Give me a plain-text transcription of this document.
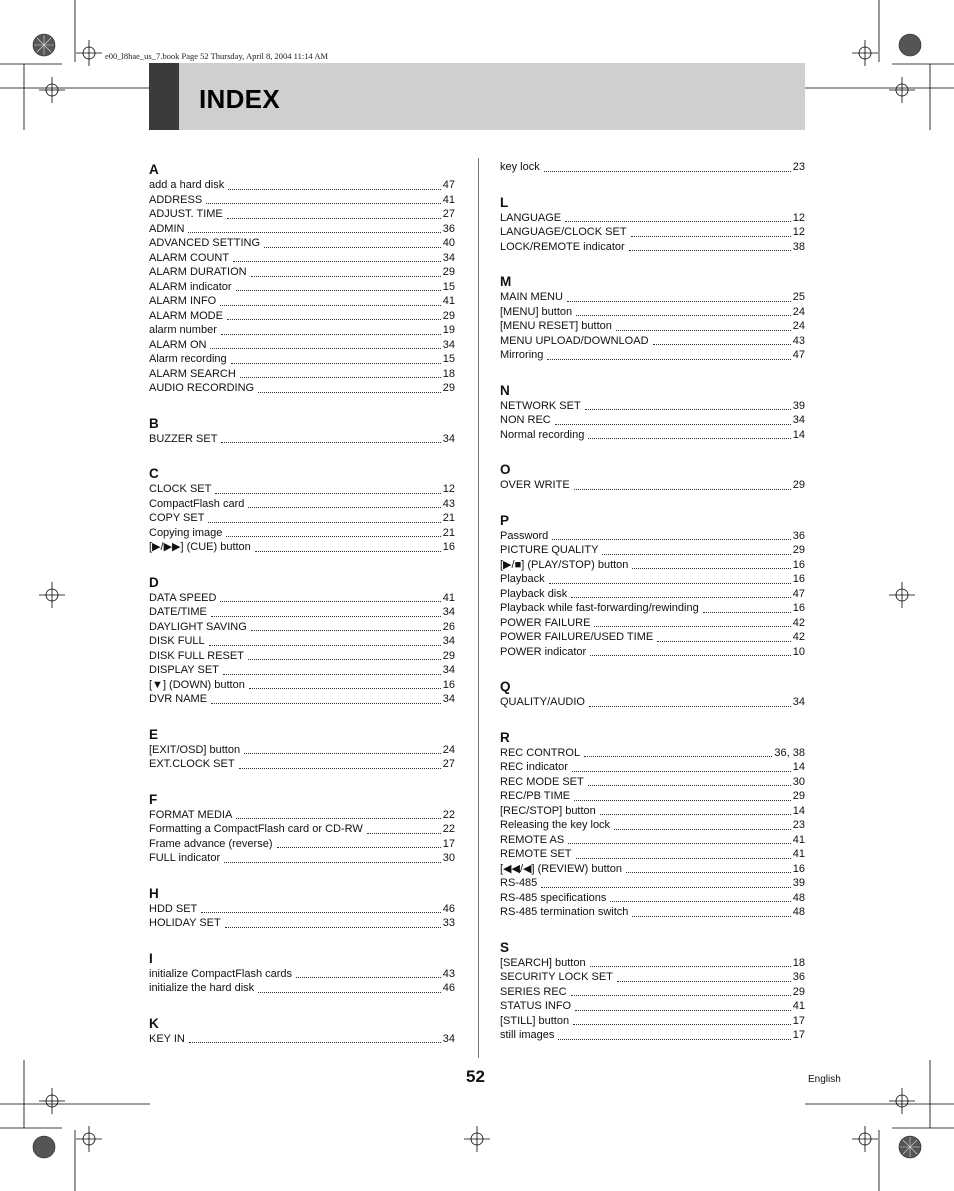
e00_l8hae_us_7.book Page 52 Thursday, April 8, 2004 11:14 AM
INDEX
A
add a hard disk	47
ADDRESS	41
ADJUST. TIME	27
ADMIN	36
ADVANCED SETTING	40
ALARM COUNT	34
ALARM DURATION	29
ALARM indicator	15
ALARM INFO	41
ALARM MODE	29
alarm number	19
ALARM ON	34
Alarm recording	15
ALARM SEARCH	18
AUDIO RECORDING	29
B
BUZZER SET	34
C
CLOCK SET	12
CompactFlash card	43
COPY SET	21
Copying image	21
[▶/▶▶] (CUE) button	16
D
DATA SPEED	41
DATE/TIME	34
DAYLIGHT SAVING	26
DISK FULL	34
DISK FULL RESET	29
DISPLAY SET	34
[▼] (DOWN) button	16
DVR NAME	34
E
[EXIT/OSD] button	24
EXT.CLOCK SET	27
F
FORMAT MEDIA	22
Formatting a CompactFlash card or CD-RW	22
Frame advance (reverse)	17
FULL indicator	30
H
HDD SET	46
HOLIDAY SET	33
I
initialize CompactFlash cards	43
initialize the hard disk	46
K
KEY IN	34
key lock	23
L
LANGUAGE	12
LANGUAGE/CLOCK SET	12
LOCK/REMOTE indicator	38
M
MAIN MENU	25
[MENU] button	24
[MENU RESET] button	24
MENU UPLOAD/DOWNLOAD	43
Mirroring	47
N
NETWORK SET	39
NON REC	34
Normal recording	14
O
OVER WRITE	29
P
Password	36
PICTURE QUALITY	29
[▶/■] (PLAY/STOP) button	16
Playback	16
Playback disk	47
Playback while fast-forwarding/rewinding	16
POWER FAILURE	42
POWER FAILURE/USED TIME	42
POWER indicator	10
Q
QUALITY/AUDIO	34
R
REC CONTROL	36, 38
REC indicator	14
REC MODE SET	30
REC/PB TIME	29
[REC/STOP] button	14
Releasing the key lock	23
REMOTE AS	41
REMOTE SET	41
[◀◀/◀] (REVIEW) button	16
RS-485	39
RS-485 specifications	48
RS-485 termination switch	48
S
[SEARCH] button	18
SECURITY LOCK SET	36
SERIES REC	29
STATUS INFO	41
[STILL] button	17
still images	17
52	English
